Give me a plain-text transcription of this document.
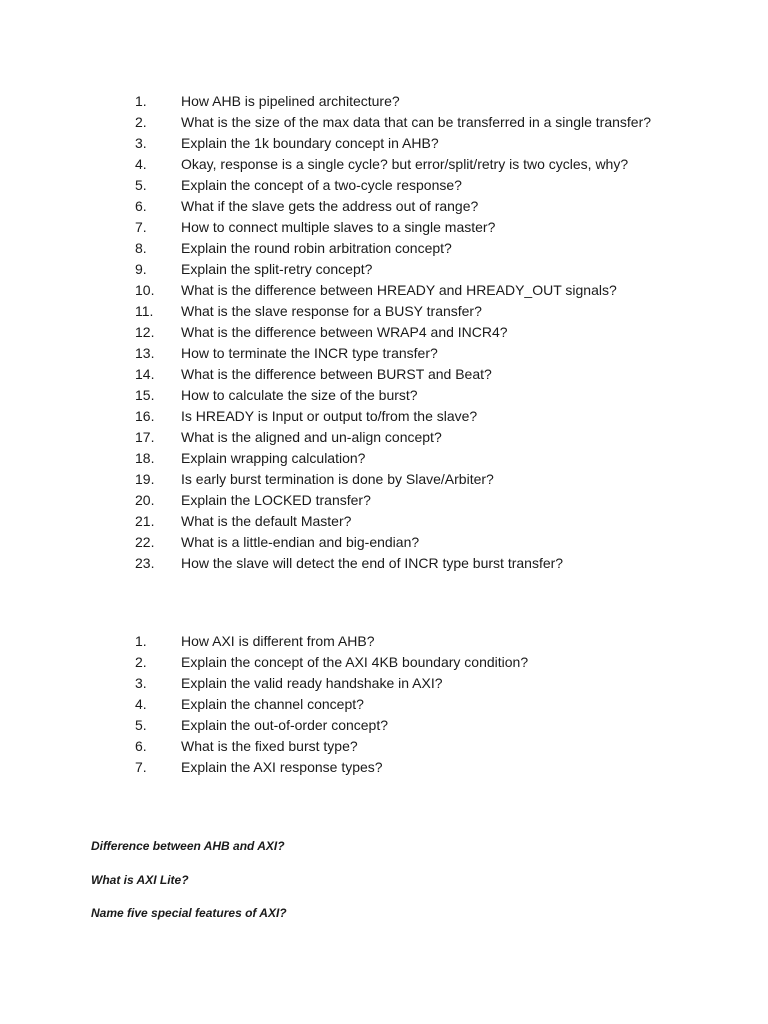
1. How AHB is pipelined architecture?
2. What is the size of the max data that can be transferred in a single transfer?
3. Explain the 1k boundary concept in AHB?
4. Okay, response is a single cycle? but error/split/retry is two cycles, why?
5. Explain the concept of a two-cycle response?
6. What if the slave gets the address out of range?
7. How to connect multiple slaves to a single master?
8. Explain the round robin arbitration concept?
9. Explain the split-retry concept?
10. What is the difference between HREADY and HREADY_OUT signals?
11. What is the slave response for a BUSY transfer?
12. What is the difference between WRAP4 and INCR4?
13. How to terminate the INCR type transfer?
14. What is the difference between BURST and Beat?
15. How to calculate the size of the burst?
16. Is HREADY is Input or output to/from the slave?
17. What is the aligned and un-align concept?
18. Explain wrapping calculation?
19. Is early burst termination is done by Slave/Arbiter?
20. Explain the LOCKED transfer?
21. What is the default Master?
22. What is a little-endian and big-endian?
23. How the slave will detect the end of INCR type burst transfer?
1. How AXI is different from AHB?
2. Explain the concept of the AXI 4KB boundary condition?
3. Explain the valid ready handshake in AXI?
4. Explain the channel concept?
5. Explain the out-of-order concept?
6. What is the fixed burst type?
7. Explain the AXI response types?

Difference between AHB and AXI?

What is AXI Lite?

Name five special features of AXI?
